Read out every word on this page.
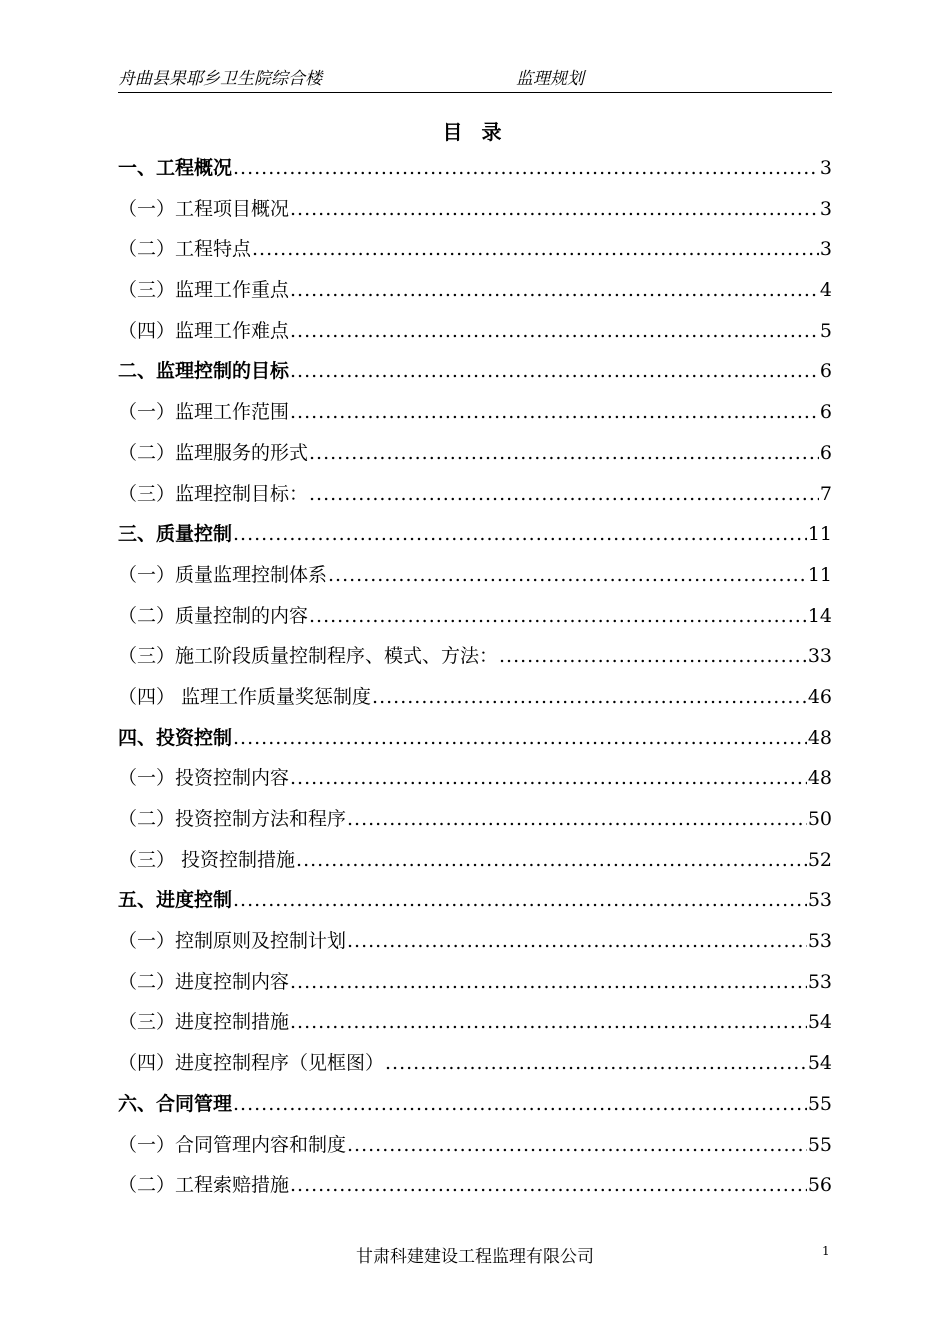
舟曲县果耶乡卫生院综合楼	监理规划
目 录
一、工程概况 .....	3
（一）工程项目概况 .....	3
（二）工程特点 .....	3
（三）监理工作重点 .....	4
（四）监理工作难点 .....	5
二、监理控制的目标 .....	6
（一）监理工作范围 .....	6
（二）监理服务的形式 .....	6
（三）监理控制目标： .....	7
三、质量控制 .....	11
（一）质量监理控制体系 .....	11
（二）质量控制的内容 .....	14
（三）施工阶段质量控制程序、模式、方法： .....	33
（四） 监理工作质量奖惩制度 .....	46
四、投资控制 .....	48
（一）投资控制内容 .....	48
（二）投资控制方法和程序 .....	50
（三） 投资控制措施 .....	52
五、进度控制 .....	53
（一）控制原则及控制计划 .....	53
（二）进度控制内容 .....	53
（三）进度控制措施 .....	54
（四）进度控制程序（见框图） .....	54
六、合同管理 .....	55
（一）合同管理内容和制度 .....	55
（二）工程索赔措施 .....	56
甘肃科建建设工程监理有限公司	1
